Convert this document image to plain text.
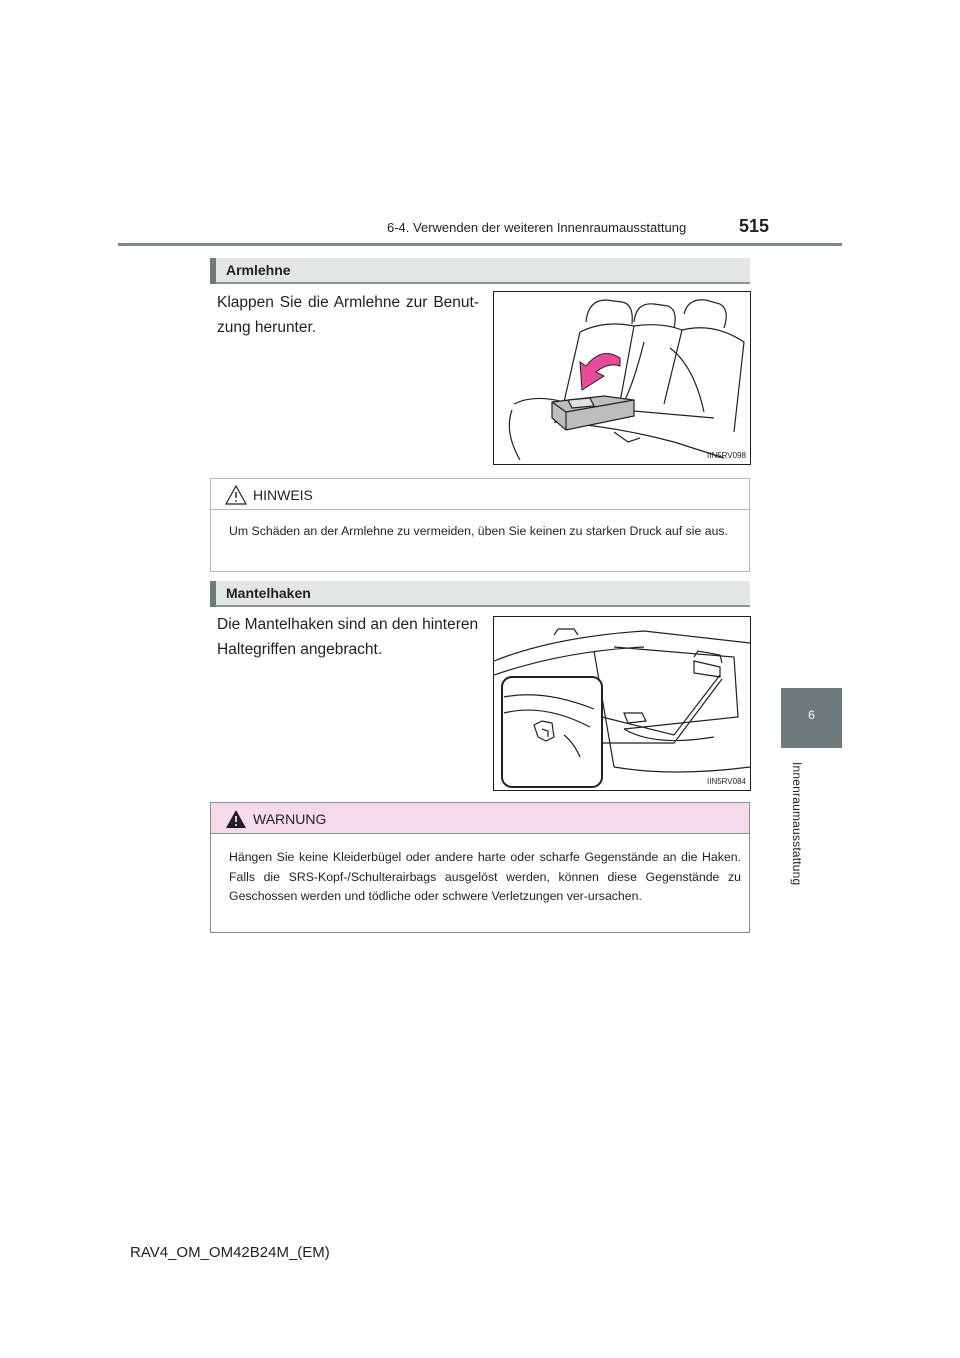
6-4. Verwenden der weiteren Innenraumausstattung	515
6
Innenraumausstattung
Armlehne
Klappen Sie die Armlehne zur Benut-zung herunter.
IIN5RV098
HINWEIS
Um Schäden an der Armlehne zu vermeiden, üben Sie keinen zu starken Druck auf sie aus.
Mantelhaken
Die Mantelhaken sind an den hinteren Haltegriffen angebracht.
IIN5RV084
WARNUNG
Hängen Sie keine Kleiderbügel oder andere harte oder scharfe Gegenstände an die Haken. Falls die SRS-Kopf-/Schulterairbags ausgelöst werden, können diese Gegenstände zu Geschossen werden und tödliche oder schwere Verletzungen ver-ursachen.
RAV4_OM_OM42B24M_(EM)
